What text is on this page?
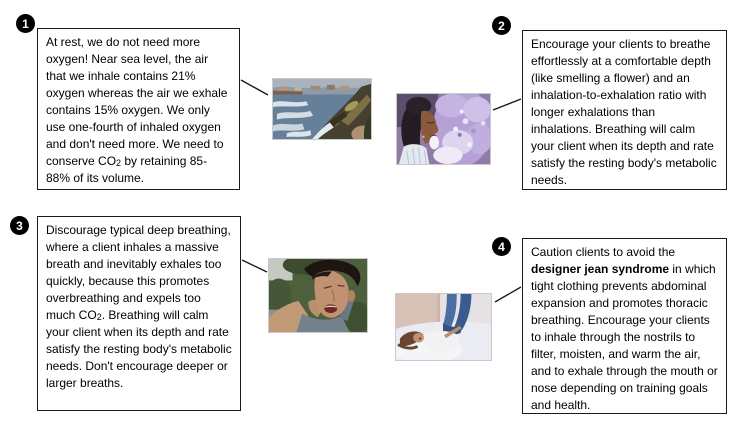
1

At rest, we do not need more oxygen! Near sea level, the air that we inhale contains 21% oxygen whereas the air we exhale contains 15% oxygen. We only use one-fourth of inhaled oxygen and don't need more. We need to conserve $CO_2$ by retaining 85-88% of its volume.

2

Encourage your clients to breathe effortlessly at a comfortable depth (like smelling a flower) and an inhalation-to-exhalation ratio with longer exhalations than inhalations. Breathing will calm your client when its depth and rate satisfy the resting body's metabolic needs.

3 Discourage typical deep breathing, where a client inhales a massive breath and inevitably exhales too quickly, because this promotes overbreathing and expels too much $CO_2$. Breathing will calm your client when its depth and rate satisfy the resting body's metabolic needs. Don't encourage deeper or larger breaths.

4 Caution clients to avoid the designer jean syndrome in which tight clothing prevents abdominal expansion and promotes thoracic breathing. Encourage your clients to inhale through the nostrils to filter, moisten, and warm the air, and to exhale through the mouth or nose depending on training goals and health.
